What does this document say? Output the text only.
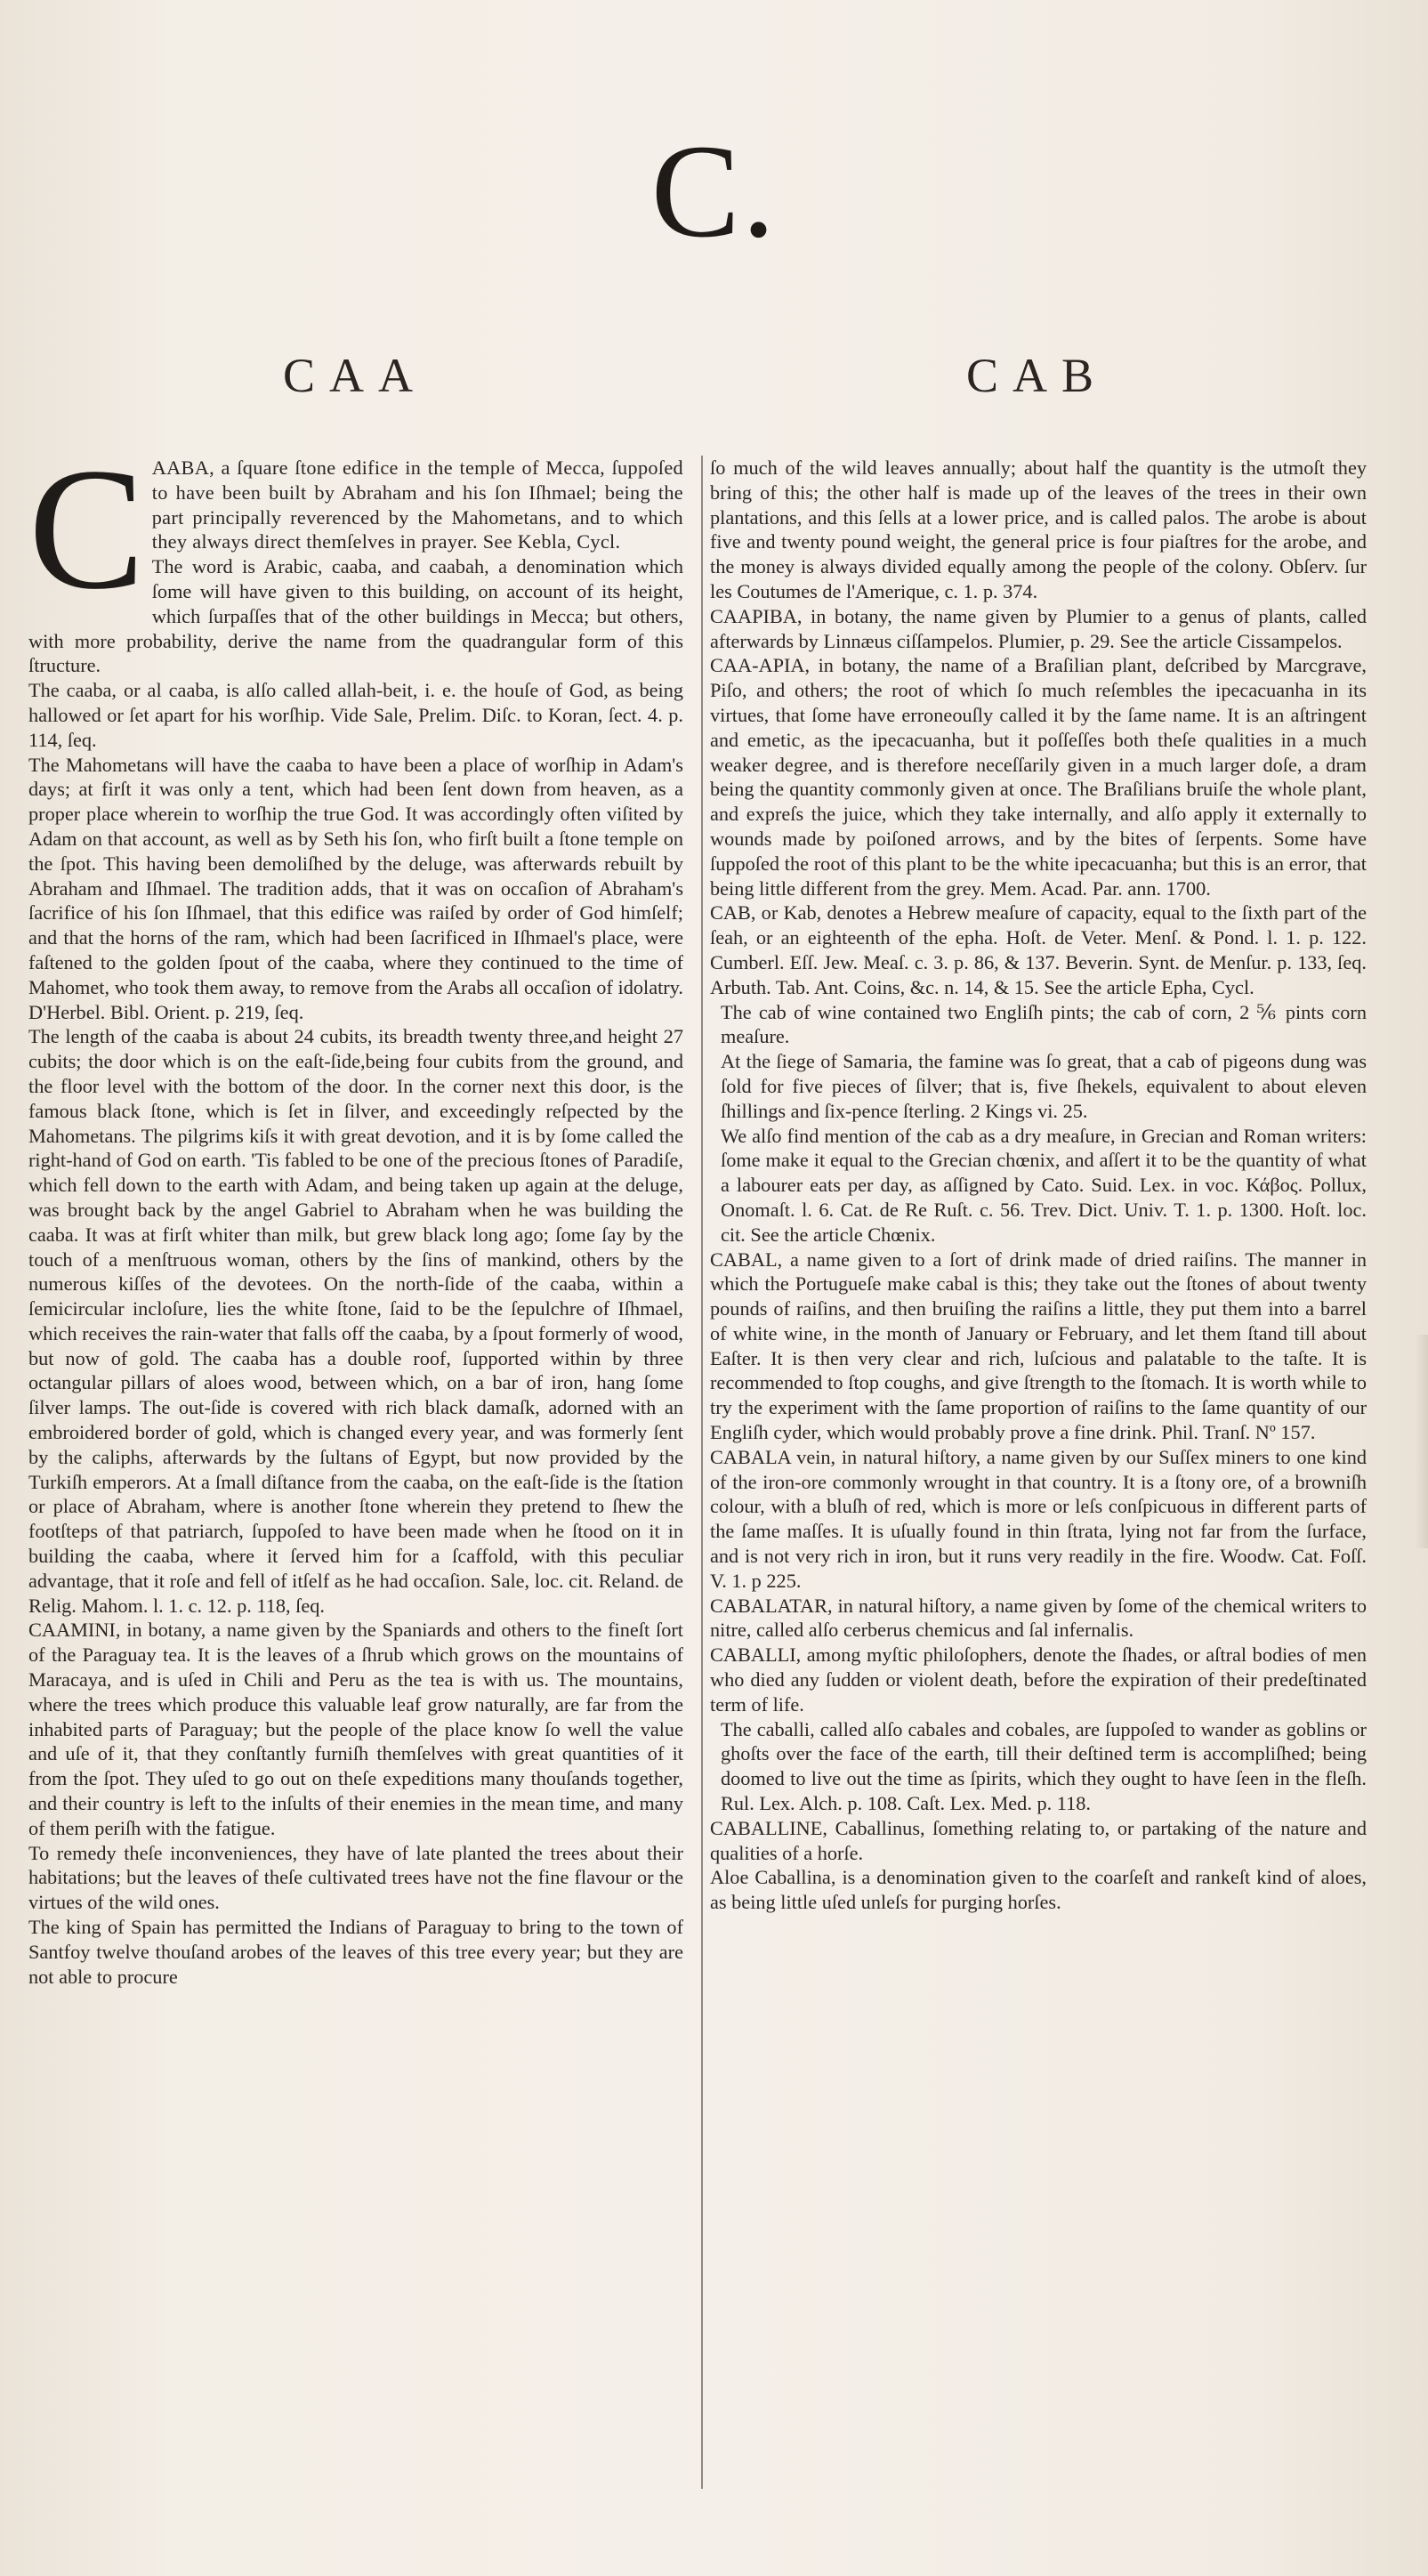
C.
CAA	CAB

C AABA, a ſquare ſtone edifice in the temple of Mecca, ſuppoſed to have been built by Abraham and his ſon Iſhmael; being the part principally reverenced by the Mahometans, and to which they always direct themſelves in prayer. See Kebla, Cycl.

The word is Arabic, caaba, and caabah, a denomination which ſome will have given to this building, on account of its height, which ſurpaſſes that of the other buildings in Mecca; but others, with more probability, derive the name from the quadrangular form of this ſtructure.

The caaba, or al caaba, is alſo called allah-beit, i. e. the houſe of God, as being hallowed or ſet apart for his worſhip. Vide Sale, Prelim. Diſc. to Koran, ſect. 4. p. 114, ſeq.

The Mahometans will have the caaba to have been a place of worſhip in Adam's days; at firſt it was only a tent, which had been ſent down from heaven, as a proper place wherein to worſhip the true God. It was accordingly often viſited by Adam on that account, as well as by Seth his ſon, who firſt built a ſtone temple on the ſpot. This having been demoliſhed by the deluge, was afterwards rebuilt by Abraham and Iſhmael. The tradition adds, that it was on occaſion of Abraham's ſacrifice of his ſon Iſhmael, that this edifice was raiſed by order of God himſelf; and that the horns of the ram, which had been ſacrificed in Iſhmael's place, were faſtened to the golden ſpout of the caaba, where they continued to the time of Mahomet, who took them away, to remove from the Arabs all occaſion of idolatry. D'Herbel. Bibl. Orient. p. 219, ſeq.

The length of the caaba is about 24 cubits, its breadth twenty three,and height 27 cubits; the door which is on the eaſt-ſide,being four cubits from the ground, and the floor level with the bottom of the door. In the corner next this door, is the famous black ſtone, which is ſet in ſilver, and exceedingly reſpected by the Mahometans. The pilgrims kiſs it with great devotion, and it is by ſome called the right-hand of God on earth. 'Tis fabled to be one of the precious ſtones of Paradiſe, which fell down to the earth with Adam, and being taken up again at the deluge, was brought back by the angel Gabriel to Abraham when he was building the caaba. It was at firſt whiter than milk, but grew black long ago; ſome ſay by the touch of a menſtruous woman, others by the ſins of mankind, others by the numerous kiſſes of the devotees. On the north-ſide of the caaba, within a ſemicircular incloſure, lies the white ſtone, ſaid to be the ſepulchre of Iſhmael, which receives the rain-water that falls off the caaba, by a ſpout formerly of wood, but now of gold. The caaba has a double roof, ſupported within by three octangular pillars of aloes wood, between which, on a bar of iron, hang ſome ſilver lamps. The out-ſide is covered with rich black damaſk, adorned with an embroidered border of gold, which is changed every year, and was formerly ſent by the caliphs, afterwards by the ſultans of Egypt, but now provided by the Turkiſh emperors. At a ſmall diſtance from the caaba, on the eaſt-ſide is the ſtation or place of Abraham, where is another ſtone wherein they pretend to ſhew the footſteps of that patriarch, ſuppoſed to have been made when he ſtood on it in building the caaba, where it ſerved him for a ſcaffold, with this peculiar advantage, that it roſe and fell of itſelf as he had occaſion. Sale, loc. cit. Reland. de Relig. Mahom. l. 1. c. 12. p. 118, ſeq.

CAAMINI, in botany, a name given by the Spaniards and others to the fineſt ſort of the Paraguay tea. It is the leaves of a ſhrub which grows on the mountains of Maracaya, and is uſed in Chili and Peru as the tea is with us. The mountains, where the trees which produce this valuable leaf grow naturally, are far from the inhabited parts of Paraguay; but the people of the place know ſo well the value and uſe of it, that they conſtantly furniſh themſelves with great quantities of it from the ſpot. They uſed to go out on theſe expeditions many thouſands together, and their country is left to the inſults of their enemies in the mean time, and many of them periſh with the fatigue.

To remedy theſe inconveniences, they have of late planted the trees about their habitations; but the leaves of theſe cultivated trees have not the fine flavour or the virtues of the wild ones.

The king of Spain has permitted the Indians of Paraguay to bring to the town of Santfoy twelve thouſand arobes of the leaves of this tree every year; but they are not able to procure

ſo much of the wild leaves annually; about half the quantity is the utmoſt they bring of this; the other half is made up of the leaves of the trees in their own plantations, and this ſells at a lower price, and is called palos. The arobe is about five and twenty pound weight, the general price is four piaſtres for the arobe, and the money is always divided equally among the people of the colony. Obſerv. ſur les Coutumes de l'Amerique, c. 1. p. 374.

CAAPIBA, in botany, the name given by Plumier to a genus of plants, called afterwards by Linnæus ciſſampelos. Plumier, p. 29. See the article Cissampelos.

CAA-APIA, in botany, the name of a Braſilian plant, deſcribed by Marcgrave, Piſo, and others; the root of which ſo much reſembles the ipecacuanha in its virtues, that ſome have erroneouſly called it by the ſame name. It is an aſtringent and emetic, as the ipecacuanha, but it poſſeſſes both theſe qualities in a much weaker degree, and is therefore neceſſarily given in a much larger doſe, a dram being the quantity commonly given at once. The Braſilians bruiſe the whole plant, and expreſs the juice, which they take internally, and alſo apply it externally to wounds made by poiſoned arrows, and by the bites of ſerpents. Some have ſuppoſed the root of this plant to be the white ipecacuanha; but this is an error, that being little different from the grey. Mem. Acad. Par. ann. 1700.

CAB, or Kab, denotes a Hebrew meaſure of capacity, equal to the ſixth part of the ſeah, or an eighteenth of the epha. Hoſt. de Veter. Menſ. & Pond. l. 1. p. 122. Cumberl. Eſſ. Jew. Meaſ. c. 3. p. 86, & 137. Beverin. Synt. de Menſur. p. 133, ſeq. Arbuth. Tab. Ant. Coins, &c. n. 14, & 15. See the article Epha, Cycl.

The cab of wine contained two Engliſh pints; the cab of corn, 2 ⅚ pints corn meaſure.

At the ſiege of Samaria, the famine was ſo great, that a cab of pigeons dung was ſold for five pieces of ſilver; that is, five ſhekels, equivalent to about eleven ſhillings and ſix-pence ſterling. 2 Kings vi. 25.

We alſo find mention of the cab as a dry meaſure, in Grecian and Roman writers: ſome make it equal to the Grecian chœnix, and aſſert it to be the quantity of what a labourer eats per day, as aſſigned by Cato. Suid. Lex. in voc. Κάβος. Pollux, Onomaſt. l. 6. Cat. de Re Ruſt. c. 56. Trev. Dict. Univ. T. 1. p. 1300. Hoſt. loc. cit. See the article Chœnix.

CABAL, a name given to a ſort of drink made of dried raiſins. The manner in which the Portugueſe make cabal is this; they take out the ſtones of about twenty pounds of raiſins, and then bruiſing the raiſins a little, they put them into a barrel of white wine, in the month of January or February, and let them ſtand till about Eaſter. It is then very clear and rich, luſcious and palatable to the taſte. It is recommended to ſtop coughs, and give ſtrength to the ſtomach. It is worth while to try the experiment with the ſame proportion of raiſins to the ſame quantity of our Engliſh cyder, which would probably prove a fine drink. Phil. Tranſ. Nº 157.

CABALA vein, in natural hiſtory, a name given by our Suſſex miners to one kind of the iron-ore commonly wrought in that country. It is a ſtony ore, of a browniſh colour, with a bluſh of red, which is more or leſs conſpicuous in different parts of the ſame maſſes. It is uſually found in thin ſtrata, lying not far from the ſurface, and is not very rich in iron, but it runs very readily in the fire. Woodw. Cat. Foſſ. V. 1. p 225.

CABALATAR, in natural hiſtory, a name given by ſome of the chemical writers to nitre, called alſo cerberus chemicus and ſal infernalis.

CABALLI, among myſtic philoſophers, denote the ſhades, or aſtral bodies of men who died any ſudden or violent death, before the expiration of their predeſtinated term of life.

The caballi, called alſo cabales and cobales, are ſuppoſed to wander as goblins or ghoſts over the face of the earth, till their deſtined term is accompliſhed; being doomed to live out the time as ſpirits, which they ought to have ſeen in the fleſh. Rul. Lex. Alch. p. 108. Caſt. Lex. Med. p. 118.

CABALLINE, Caballinus, ſomething relating to, or partaking of the nature and qualities of a horſe.

Aloe Caballina, is a denomination given to the coarſeſt and rankeſt kind of aloes, as being little uſed unleſs for purging horſes.
